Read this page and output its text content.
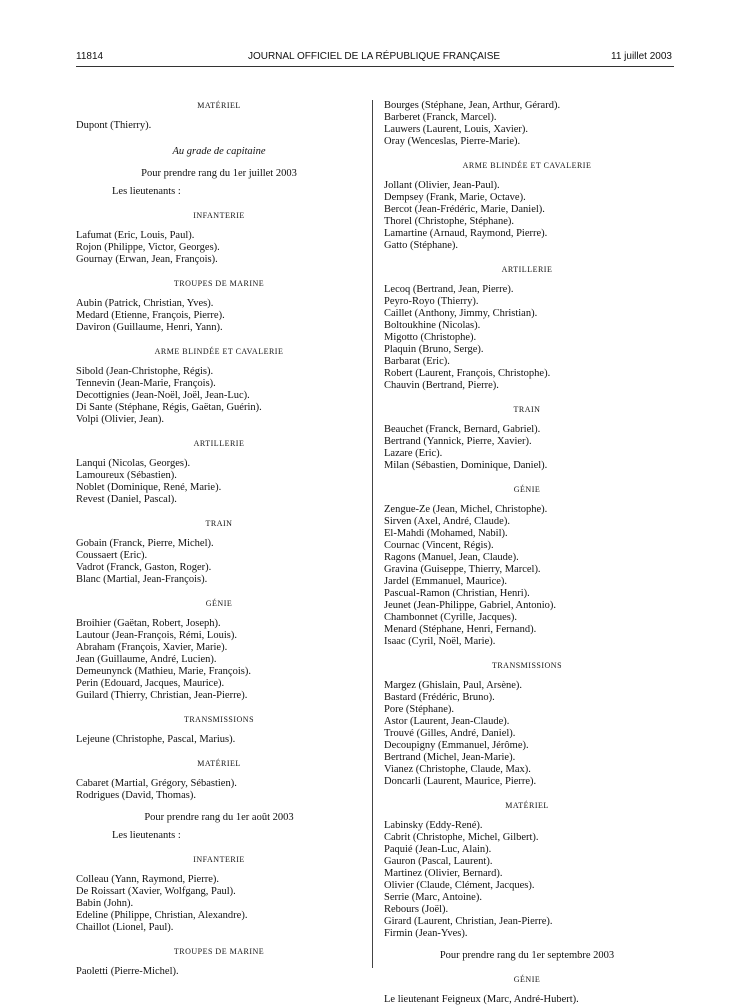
11814	JOURNAL OFFICIEL DE LA RÉPUBLIQUE FRANÇAISE	11 juillet 2003
MATÉRIEL
Dupont (Thierry).
Au grade de capitaine
Pour prendre rang du 1er juillet 2003
Les lieutenants :
INFANTERIE
Lafumat (Eric, Louis, Paul).
Rojon (Philippe, Victor, Georges).
Gournay (Erwan, Jean, François).
TROUPES DE MARINE
Aubin (Patrick, Christian, Yves).
Medard (Etienne, François, Pierre).
Daviron (Guillaume, Henri, Yann).
ARME BLINDÉE ET CAVALERIE
Sibold (Jean-Christophe, Régis).
Tennevin (Jean-Marie, François).
Decottignies (Jean-Noël, Joël, Jean-Luc).
Di Sante (Stéphane, Régis, Gaëtan, Guérin).
Volpi (Olivier, Jean).
ARTILLERIE
Lanqui (Nicolas, Georges).
Lamoureux (Sébastien).
Noblet (Dominique, René, Marie).
Revest (Daniel, Pascal).
TRAIN
Gobain (Franck, Pierre, Michel).
Coussaert (Eric).
Vadrot (Franck, Gaston, Roger).
Blanc (Martial, Jean-François).
GÉNIE
Broihier (Gaëtan, Robert, Joseph).
Lautour (Jean-François, Rémi, Louis).
Abraham (François, Xavier, Marie).
Jean (Guillaume, André, Lucien).
Demeunynck (Mathieu, Marie, François).
Perin (Edouard, Jacques, Maurice).
Guilard (Thierry, Christian, Jean-Pierre).
TRANSMISSIONS
Lejeune (Christophe, Pascal, Marius).
MATÉRIEL
Cabaret (Martial, Grégory, Sébastien).
Rodrigues (David, Thomas).
Pour prendre rang du 1er août 2003
Les lieutenants :
INFANTERIE
Colleau (Yann, Raymond, Pierre).
De Roissart (Xavier, Wolfgang, Paul).
Babin (John).
Edeline (Philippe, Christian, Alexandre).
Chaillot (Lionel, Paul).
TROUPES DE MARINE
Paoletti (Pierre-Michel).
Bourges (Stéphane, Jean, Arthur, Gérard).
Barberet (Franck, Marcel).
Lauwers (Laurent, Louis, Xavier).
Oray (Wenceslas, Pierre-Marie).
ARME BLINDÉE ET CAVALERIE
Jollant (Olivier, Jean-Paul).
Dempsey (Frank, Marie, Octave).
Bercot (Jean-Frédéric, Marie, Daniel).
Thorel (Christophe, Stéphane).
Lamartine (Arnaud, Raymond, Pierre).
Gatto (Stéphane).
ARTILLERIE
Lecoq (Bertrand, Jean, Pierre).
Peyro-Royo (Thierry).
Caillet (Anthony, Jimmy, Christian).
Boltoukhine (Nicolas).
Migotto (Christophe).
Plaquin (Bruno, Serge).
Barbarat (Eric).
Robert (Laurent, François, Christophe).
Chauvin (Bertrand, Pierre).
TRAIN
Beauchet (Franck, Bernard, Gabriel).
Bertrand (Yannick, Pierre, Xavier).
Lazare (Eric).
Milan (Sébastien, Dominique, Daniel).
GÉNIE
Zengue-Ze (Jean, Michel, Christophe).
Sirven (Axel, André, Claude).
El-Mahdi (Mohamed, Nabil).
Cournac (Vincent, Régis).
Ragons (Manuel, Jean, Claude).
Gravina (Guiseppe, Thierry, Marcel).
Jardel (Emmanuel, Maurice).
Pascual-Ramon (Christian, Henri).
Jeunet (Jean-Philippe, Gabriel, Antonio).
Chambonnet (Cyrille, Jacques).
Menard (Stéphane, Henri, Fernand).
Isaac (Cyril, Noël, Marie).
TRANSMISSIONS
Margez (Ghislain, Paul, Arsène).
Bastard (Frédéric, Bruno).
Pore (Stéphane).
Astor (Laurent, Jean-Claude).
Trouvé (Gilles, André, Daniel).
Decoupigny (Emmanuel, Jérôme).
Bertrand (Michel, Jean-Marie).
Vianez (Christophe, Claude, Max).
Doncarli (Laurent, Maurice, Pierre).
MATÉRIEL
Labinsky (Eddy-René).
Cabrit (Christophe, Michel, Gilbert).
Paquié (Jean-Luc, Alain).
Gauron (Pascal, Laurent).
Martinez (Olivier, Bernard).
Olivier (Claude, Clément, Jacques).
Serrie (Marc, Antoine).
Rebours (Joël).
Girard (Laurent, Christian, Jean-Pierre).
Firmin (Jean-Yves).
Pour prendre rang du 1er septembre 2003
GÉNIE
Le lieutenant Feigneux (Marc, André-Hubert).
